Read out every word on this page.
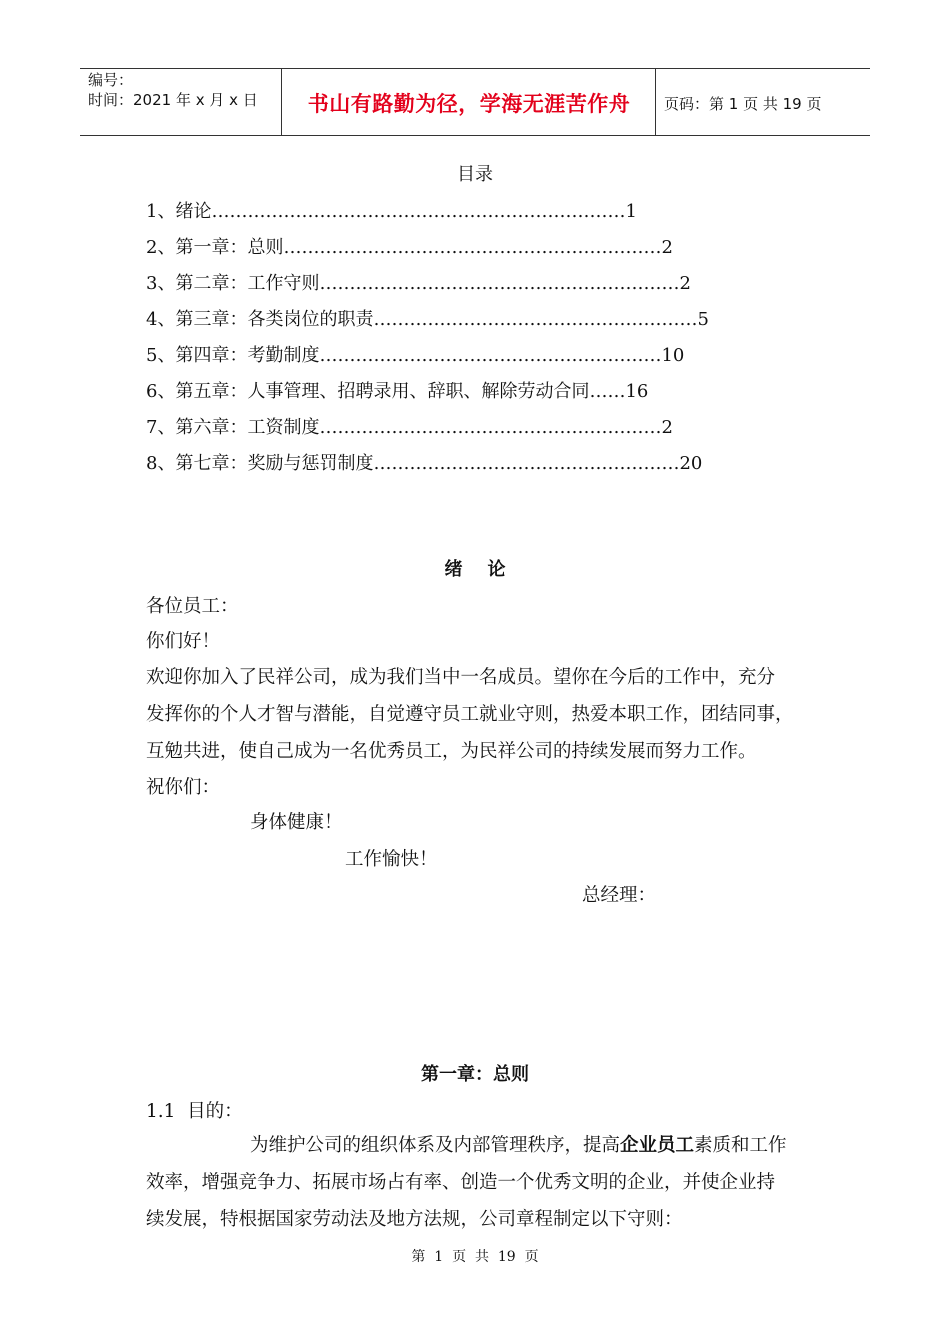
编号：
时间：2021 年 x 月 x 日	书山有路勤为径，学海无涯苦作舟	页码：第 1 页 共 19 页
目录
1、绪论……………………………………………………………1
2、第一章：总则………………………………………………………2
3、第二章：工作守则……………………………………………………2
4、第三章：各类岗位的职责………………………………………………5
5、第四章：考勤制度…………………………………………………10
6、第五章：人事管理、招聘录用、辞职、解除劳动合同……16
7、第六章：工资制度…………………………………………………2
8、第七章：奖励与惩罚制度……………………………………………20
绪    论
各位员工：
你们好！
欢迎你加入了民祥公司，成为我们当中一名成员。望你在今后的工作中，充分
发挥你的个人才智与潜能，自觉遵守员工就业守则，热爱本职工作，团结同事，
互勉共进，使自己成为一名优秀员工，为民祥公司的持续发展而努力工作。
祝你们：
身体健康！
工作愉快！
总经理：
第一章：总则
1.1  目的：
为维护公司的组织体系及内部管理秩序，提高企业员工素质和工作
效率，增强竞争力、拓展市场占有率、创造一个优秀文明的企业，并使企业持
续发展，特根据国家劳动法及地方法规，公司章程制定以下守则：
第  1  页  共  19  页
